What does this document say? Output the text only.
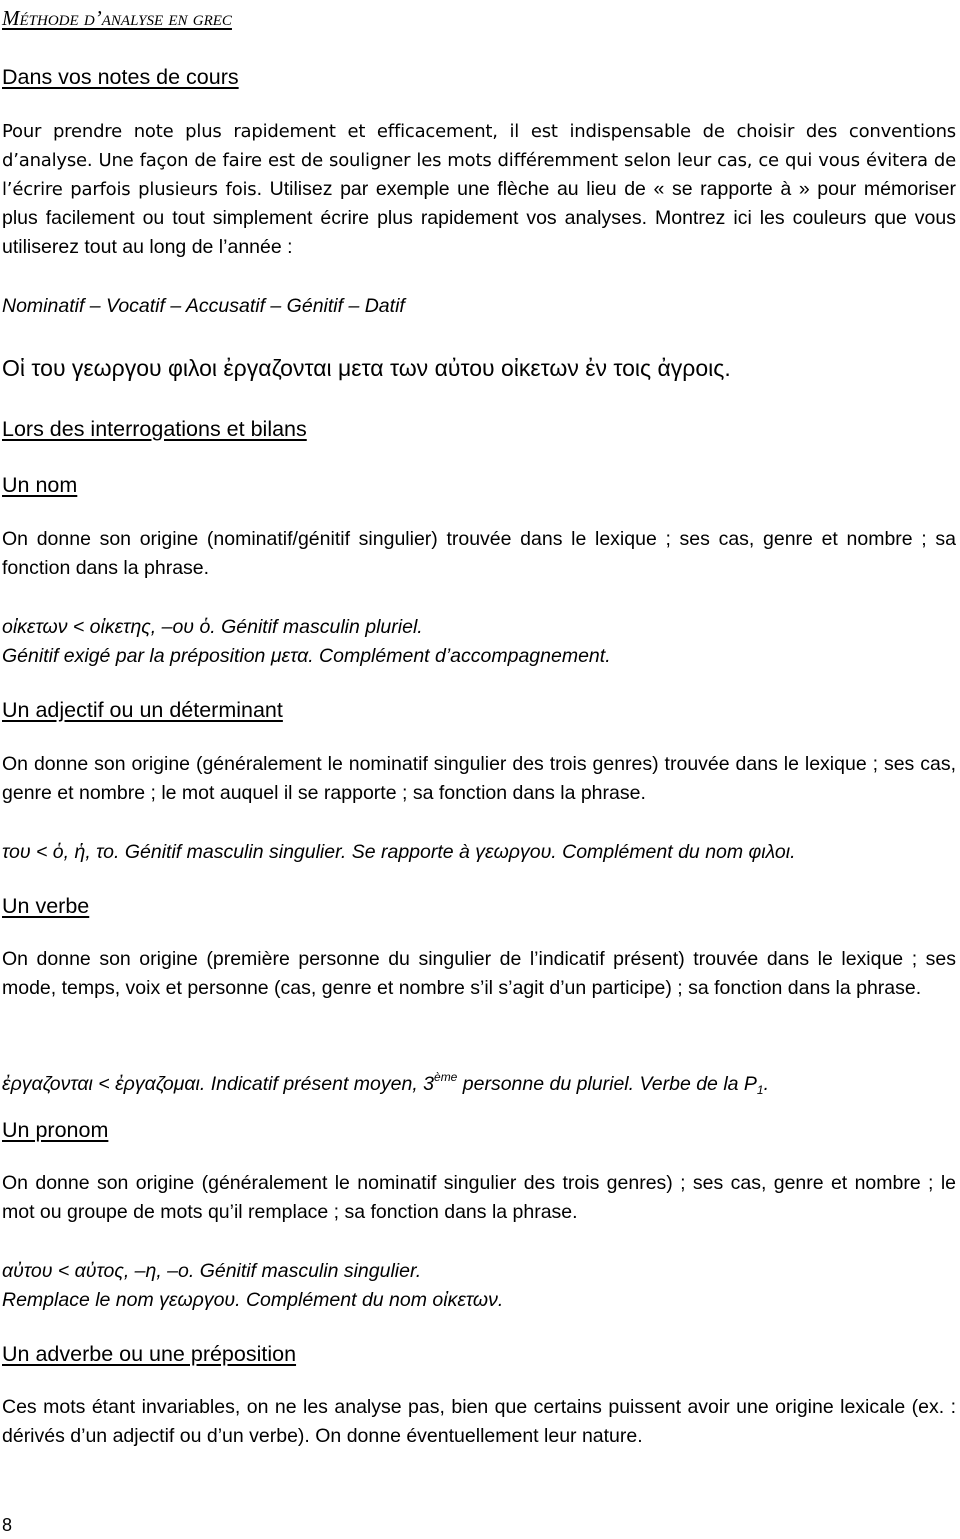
Méthode d’analyse en grec
Dans vos notes de cours
Pour prendre note plus rapidement et efficacement, il est indispensable de choisir des conventions d’analyse. Une façon de faire est de souligner les mots différemment selon leur cas, ce qui vous évitera de l’écrire parfois plusieurs fois. Utilisez par exemple une flèche au lieu de « se rapporte à » pour mémoriser plus facilement ou tout simplement écrire plus rapidement vos analyses. Montrez ici les couleurs que vous utiliserez tout au long de l’année :
Nominatif – Vocatif – Accusatif – Génitif – Datif
Οἱ του γεωργου φιλοι ἐργαζονται μετα των αὐτου οἰκετων ἐν τοις ἀγροις.
Lors des interrogations et bilans
Un nom
On donne son origine (nominatif/génitif singulier) trouvée dans le lexique ; ses cas, genre et nombre ; sa fonction dans la phrase.
οἰκετων < οἰκετης, –ου ὁ. Génitif masculin pluriel.
Génitif exigé par la préposition μετα. Complément d’accompagnement.
Un adjectif ou un déterminant
On donne son origine (généralement le nominatif singulier des trois genres) trouvée dans le lexique ; ses cas, genre et nombre ; le mot auquel il se rapporte ; sa fonction dans la phrase.
του < ὁ, ἡ, το. Génitif masculin singulier. Se rapporte à γεωργου. Complément du nom φιλοι.
Un verbe
On donne son origine (première personne du singulier de l’indicatif présent) trouvée dans le lexique ; ses mode, temps, voix et personne (cas, genre et nombre s’il s’agit d’un participe) ; sa fonction dans la phrase.
ἐργαζονται < ἐργαζομαι. Indicatif présent moyen, 3ème personne du pluriel. Verbe de la $P_1$.
Un pronom
On donne son origine (généralement le nominatif singulier des trois genres) ; ses cas, genre et nombre ; le mot ou groupe de mots qu’il remplace ; sa fonction dans la phrase.
αὐτου < αὐτος, –η, –ο. Génitif masculin singulier.
Remplace le nom γεωργου. Complément du nom οἰκετων.
Un adverbe ou une préposition
Ces mots étant invariables, on ne les analyse pas, bien que certains puissent avoir une origine lexicale (ex. : dérivés d’un adjectif ou d’un verbe). On donne éventuellement leur nature.
8
